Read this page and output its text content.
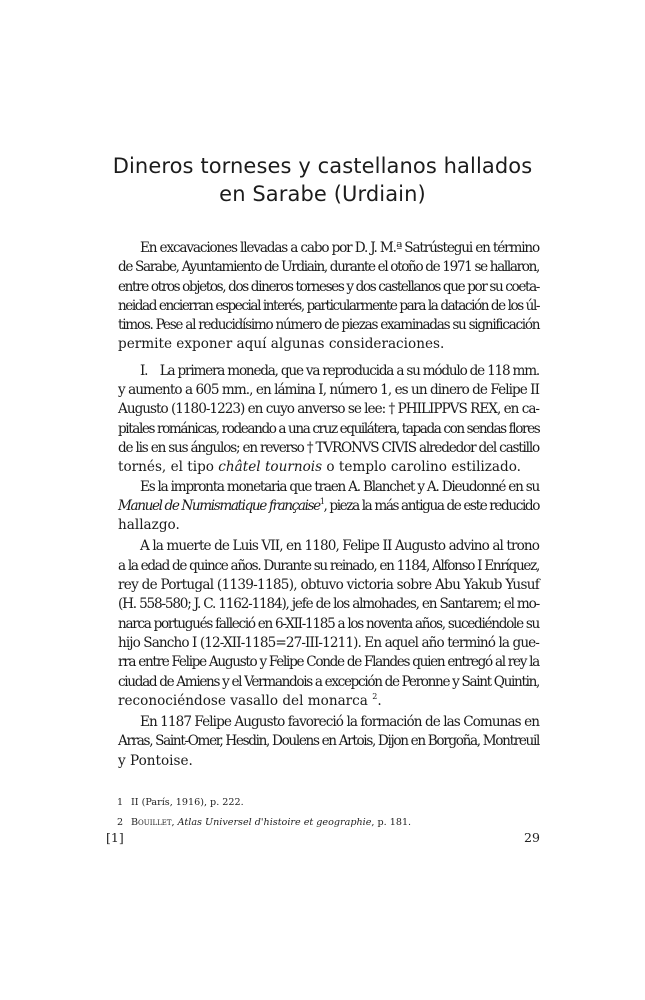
Dineros torneses y castellanos hallados
en Sarabe (Urdiain)

En excavaciones llevadas a cabo por D. J. M.ª Satrústegui en término
de Sarabe, Ayuntamiento de Urdiain, durante el otoño de 1971 se hallaron,
entre otros objetos, dos dineros torneses y dos castellanos que por su coeta-
neidad encierran especial interés, particularmente para la datación de los úl-
timos. Pese al reducidísimo número de piezas examinadas su significación
permite exponer aquí algunas consideraciones.

I.    La primera moneda, que va reproducida a su módulo de 118 mm.
y aumento a 605 mm., en lámina I, número 1, es un dinero de Felipe II
Augusto (1180-1223) en cuyo anverso se lee: † PHILIPPVS REX, en ca-
pitales románicas, rodeando a una cruz equilátera, tapada con sendas flores
de lis en sus ángulos; en reverso † TVRONVS CIVIS alrededor del castillo
tornés, el tipo châtel tournois o templo carolino estilizado.

Es la impronta monetaria que traen A. Blanchet y A. Dieudonné en su
Manuel de Numismatique française$^1$, pieza la más antigua de este reducido
hallazgo.

A la muerte de Luis VII, en 1180, Felipe II Augusto advino al trono
a la edad de quince años. Durante su reinado, en 1184, Alfonso I Enríquez,
rey de Portugal (1139-1185), obtuvo victoria sobre Abu Yakub Yusuf
(H. 558-580; J. C. 1162-1184), jefe de los almohades, en Santarem; el mo-
narca portugués falleció en 6-XII-1185 a los noventa años, sucediéndole su
hijo Sancho I (12-XII-1185=27-III-1211). En aquel año terminó la gue-
rra entre Felipe Augusto y Felipe Conde de Flandes quien entregó al rey la
ciudad de Amiens y el Vermandois a excepción de Peronne y Saint Quintin,
reconociéndose vasallo del monarca $^2$.

En 1187 Felipe Augusto favoreció la formación de las Comunas en
Arras, Saint-Omer, Hesdin, Doulens en Artois, Dijon en Borgoña, Montreuil
y Pontoise.

1 II (París, 1916), p. 222.
2 Bouillet, Atlas Universel d'histoire et geographie, p. 181.
[1]	29
